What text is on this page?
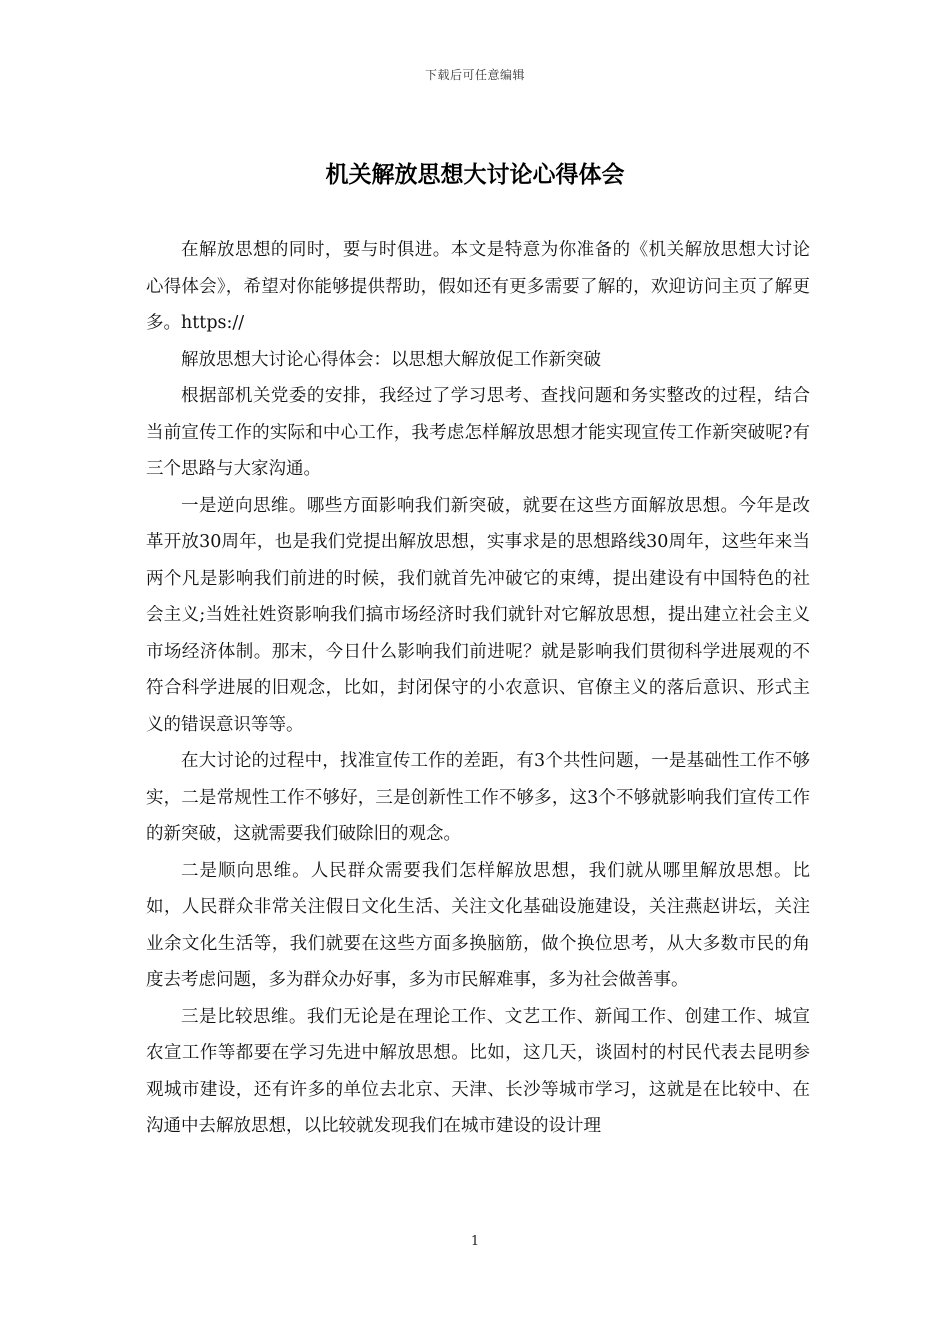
下载后可任意编辑
机关解放思想大讨论心得体会

在解放思想的同时，要与时俱进。本文是特意为你准备的《机关解放思想大讨论心得体会》，希望对你能够提供帮助，假如还有更多需要了解的，欢迎访问主页了解更多。https://

解放思想大讨论心得体会：以思想大解放促工作新突破

根据部机关党委的安排，我经过了学习思考、查找问题和务实整改的过程，结合当前宣传工作的实际和中心工作，我考虑怎样解放思想才能实现宣传工作新突破呢?有三个思路与大家沟通。

一是逆向思维。哪些方面影响我们新突破，就要在这些方面解放思想。今年是改革开放30周年，也是我们党提出解放思想，实事求是的思想路线30周年，这些年来当两个凡是影响我们前进的时候，我们就首先冲破它的束缚，提出建设有中国特色的社会主义;当姓社姓资影响我们搞市场经济时我们就针对它解放思想，提出建立社会主义市场经济体制。那末，今日什么影响我们前进呢？就是影响我们贯彻科学进展观的不符合科学进展的旧观念，比如，封闭保守的小农意识、官僚主义的落后意识、形式主义的错误意识等等。

在大讨论的过程中，找准宣传工作的差距，有3个共性问题，一是基础性工作不够实，二是常规性工作不够好，三是创新性工作不够多，这3个不够就影响我们宣传工作的新突破，这就需要我们破除旧的观念。

二是顺向思维。人民群众需要我们怎样解放思想，我们就从哪里解放思想。比如，人民群众非常关注假日文化生活、关注文化基础设施建设，关注燕赵讲坛，关注业余文化生活等，我们就要在这些方面多换脑筋，做个换位思考，从大多数市民的角度去考虑问题，多为群众办好事，多为市民解难事，多为社会做善事。

三是比较思维。我们无论是在理论工作、文艺工作、新闻工作、创建工作、城宣农宣工作等都要在学习先进中解放思想。比如，这几天，谈固村的村民代表去昆明参观城市建设，还有许多的单位去北京、天津、长沙等城市学习，这就是在比较中、在沟通中去解放思想，以比较就发现我们在城市建设的设计理

1
